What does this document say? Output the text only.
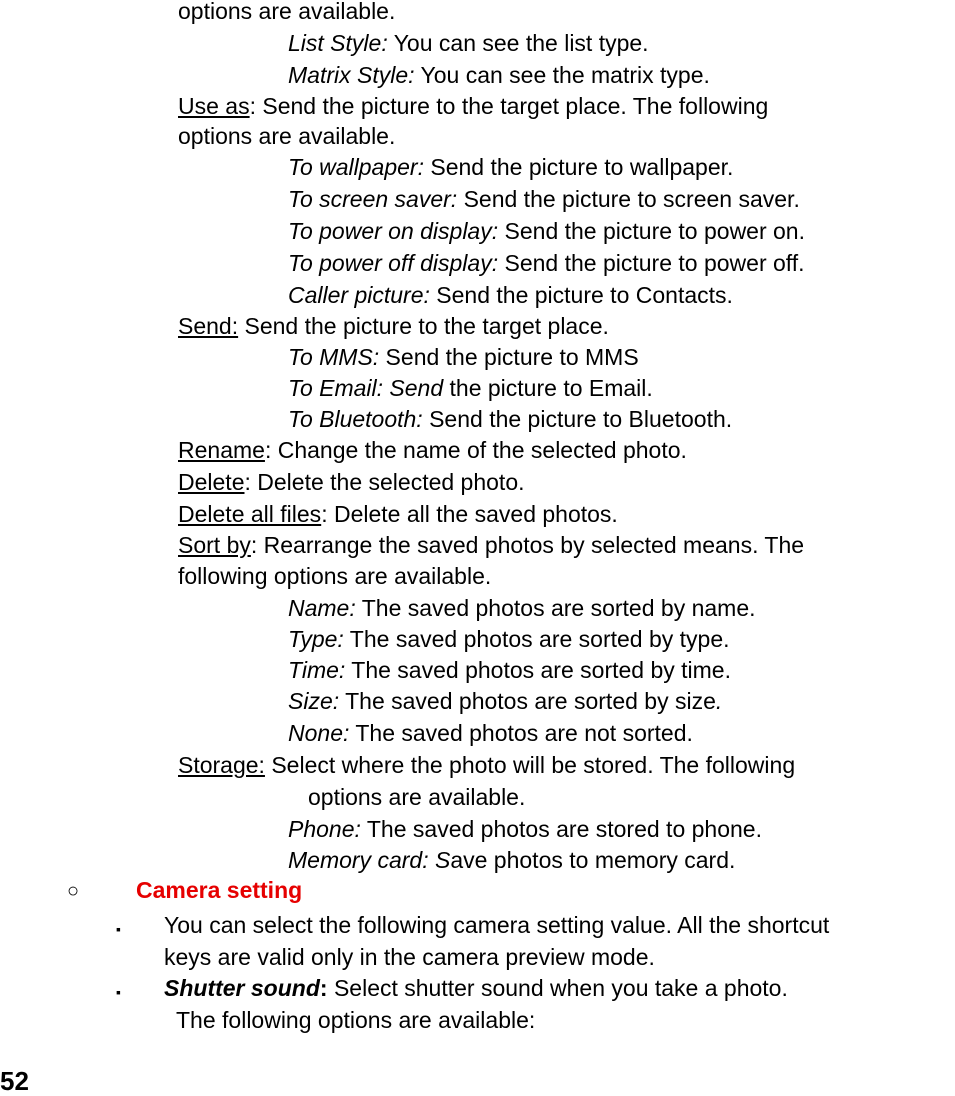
options are available.
List Style: You can see the list type.
Matrix Style: You can see the matrix type.
Use as: Send the picture to the target place. The following
options are available.
To wallpaper: Send the picture to wallpaper.
To screen saver: Send the picture to screen saver.
To power on display: Send the picture to power on.
To power off display: Send the picture to power off.
Caller picture: Send the picture to Contacts.
Send: Send the picture to the target place.
To MMS: Send the picture to MMS
To Email: Send the picture to Email.
To Bluetooth: Send the picture to Bluetooth.
Rename: Change the name of the selected photo.
Delete: Delete the selected photo.
Delete all files: Delete all the saved photos.
Sort by: Rearrange the saved photos by selected means. The
following options are available.
Name: The saved photos are sorted by name.
Type: The saved photos are sorted by type.
Time: The saved photos are sorted by time.
Size: The saved photos are sorted by size.
None: The saved photos are not sorted.
Storage: Select where the photo will be stored. The following
options are available.
Phone: The saved photos are stored to phone.
Memory card: Save photos to memory card.
○ Camera setting
▪ You can select the following camera setting value. All the shortcut
keys are valid only in the camera preview mode.
▪ Shutter sound: Select shutter sound when you take a photo.
The following options are available:
52
